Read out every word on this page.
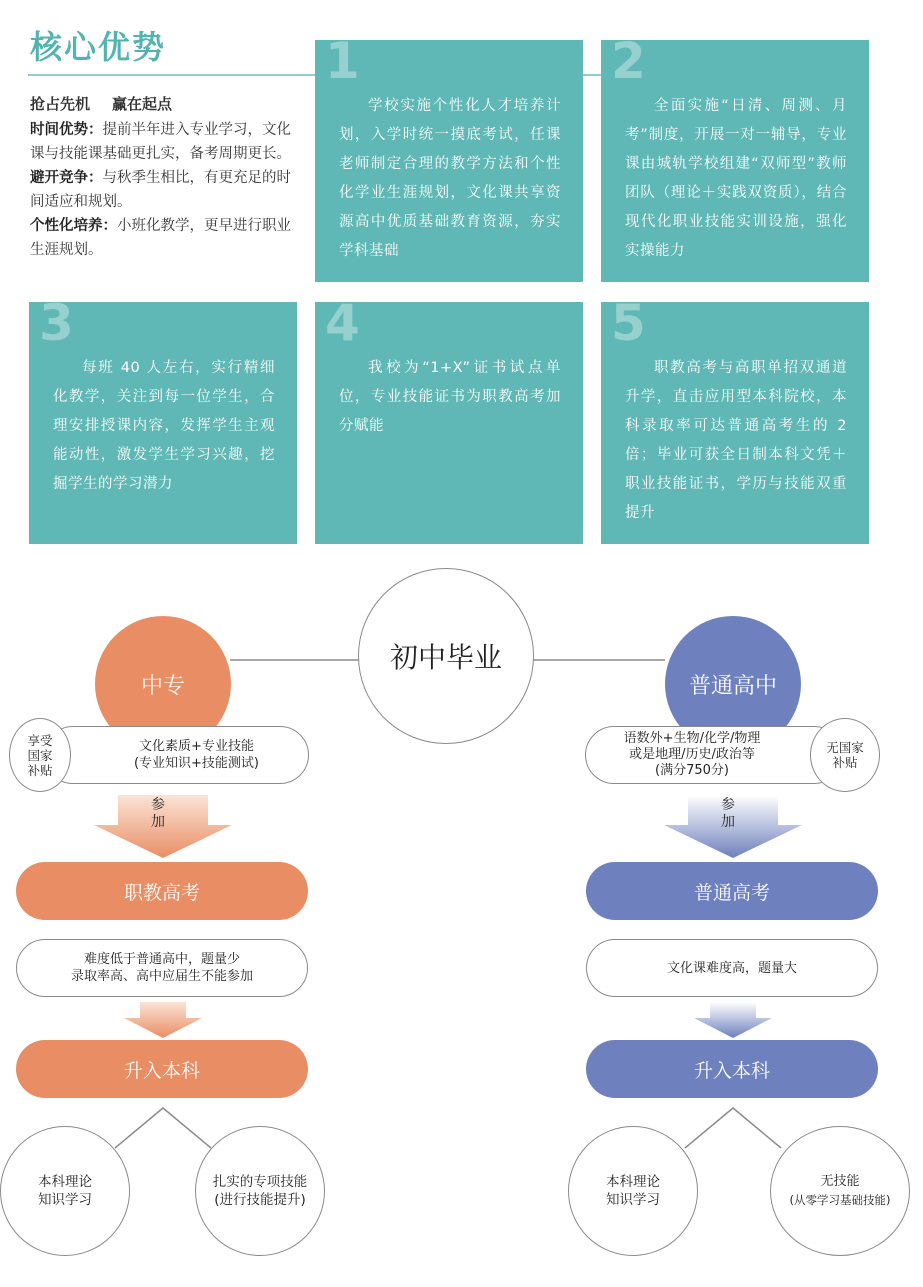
核心优势

抢占先机 赢在起点

时间优势：提前半年进入专业学习，文化课与技能课基础更扎实，备考周期更长。

避开竞争：与秋季生相比，有更充足的时间适应和规划。

个性化培养：小班化教学，更早进行职业生涯规划。

1
学校实施个性化人才培养计划，入学时统一摸底考试，任课老师制定合理的教学方法和个性化学业生涯规划，文化课共享资源高中优质基础教育资源，夯实学科基础
2
全面实施“日清、周测、月考”制度，开展一对一辅导，专业课由城轨学校组建“双师型”教师团队（理论＋实践双资质），结合现代化职业技能实训设施，强化实操能力
3
每班 40 人左右，实行精细化教学，关注到每一位学生，合理安排授课内容，发挥学生主观能动性，激发学生学习兴趣，挖掘学生的学习潜力
4
我校为“1+X”证书试点单位，专业技能证书为职教高考加分赋能
5
职教高考与高职单招双通道升学，直击应用型本科院校，本科录取率可达普通高考生的 2 倍；毕业可获全日制本科文凭＋职业技能证书，学历与技能双重提升
初中毕业
中专
文化素质+专业技能
(专业知识+技能测试)
享受国家补贴
参加
职教高考
难度低于普通高中，题量少
录取率高、高中应届生不能参加
升入本科
本科理论
知识学习
扎实的专项技能
(进行技能提升)
普通高中
语数外+生物/化学/物理
或是地理/历史/政治等
(满分750分)
无国家补贴
参加
普通高考
文化课难度高，题量大
升入本科
本科理论
知识学习
无技能
(从零学习基础技能)
